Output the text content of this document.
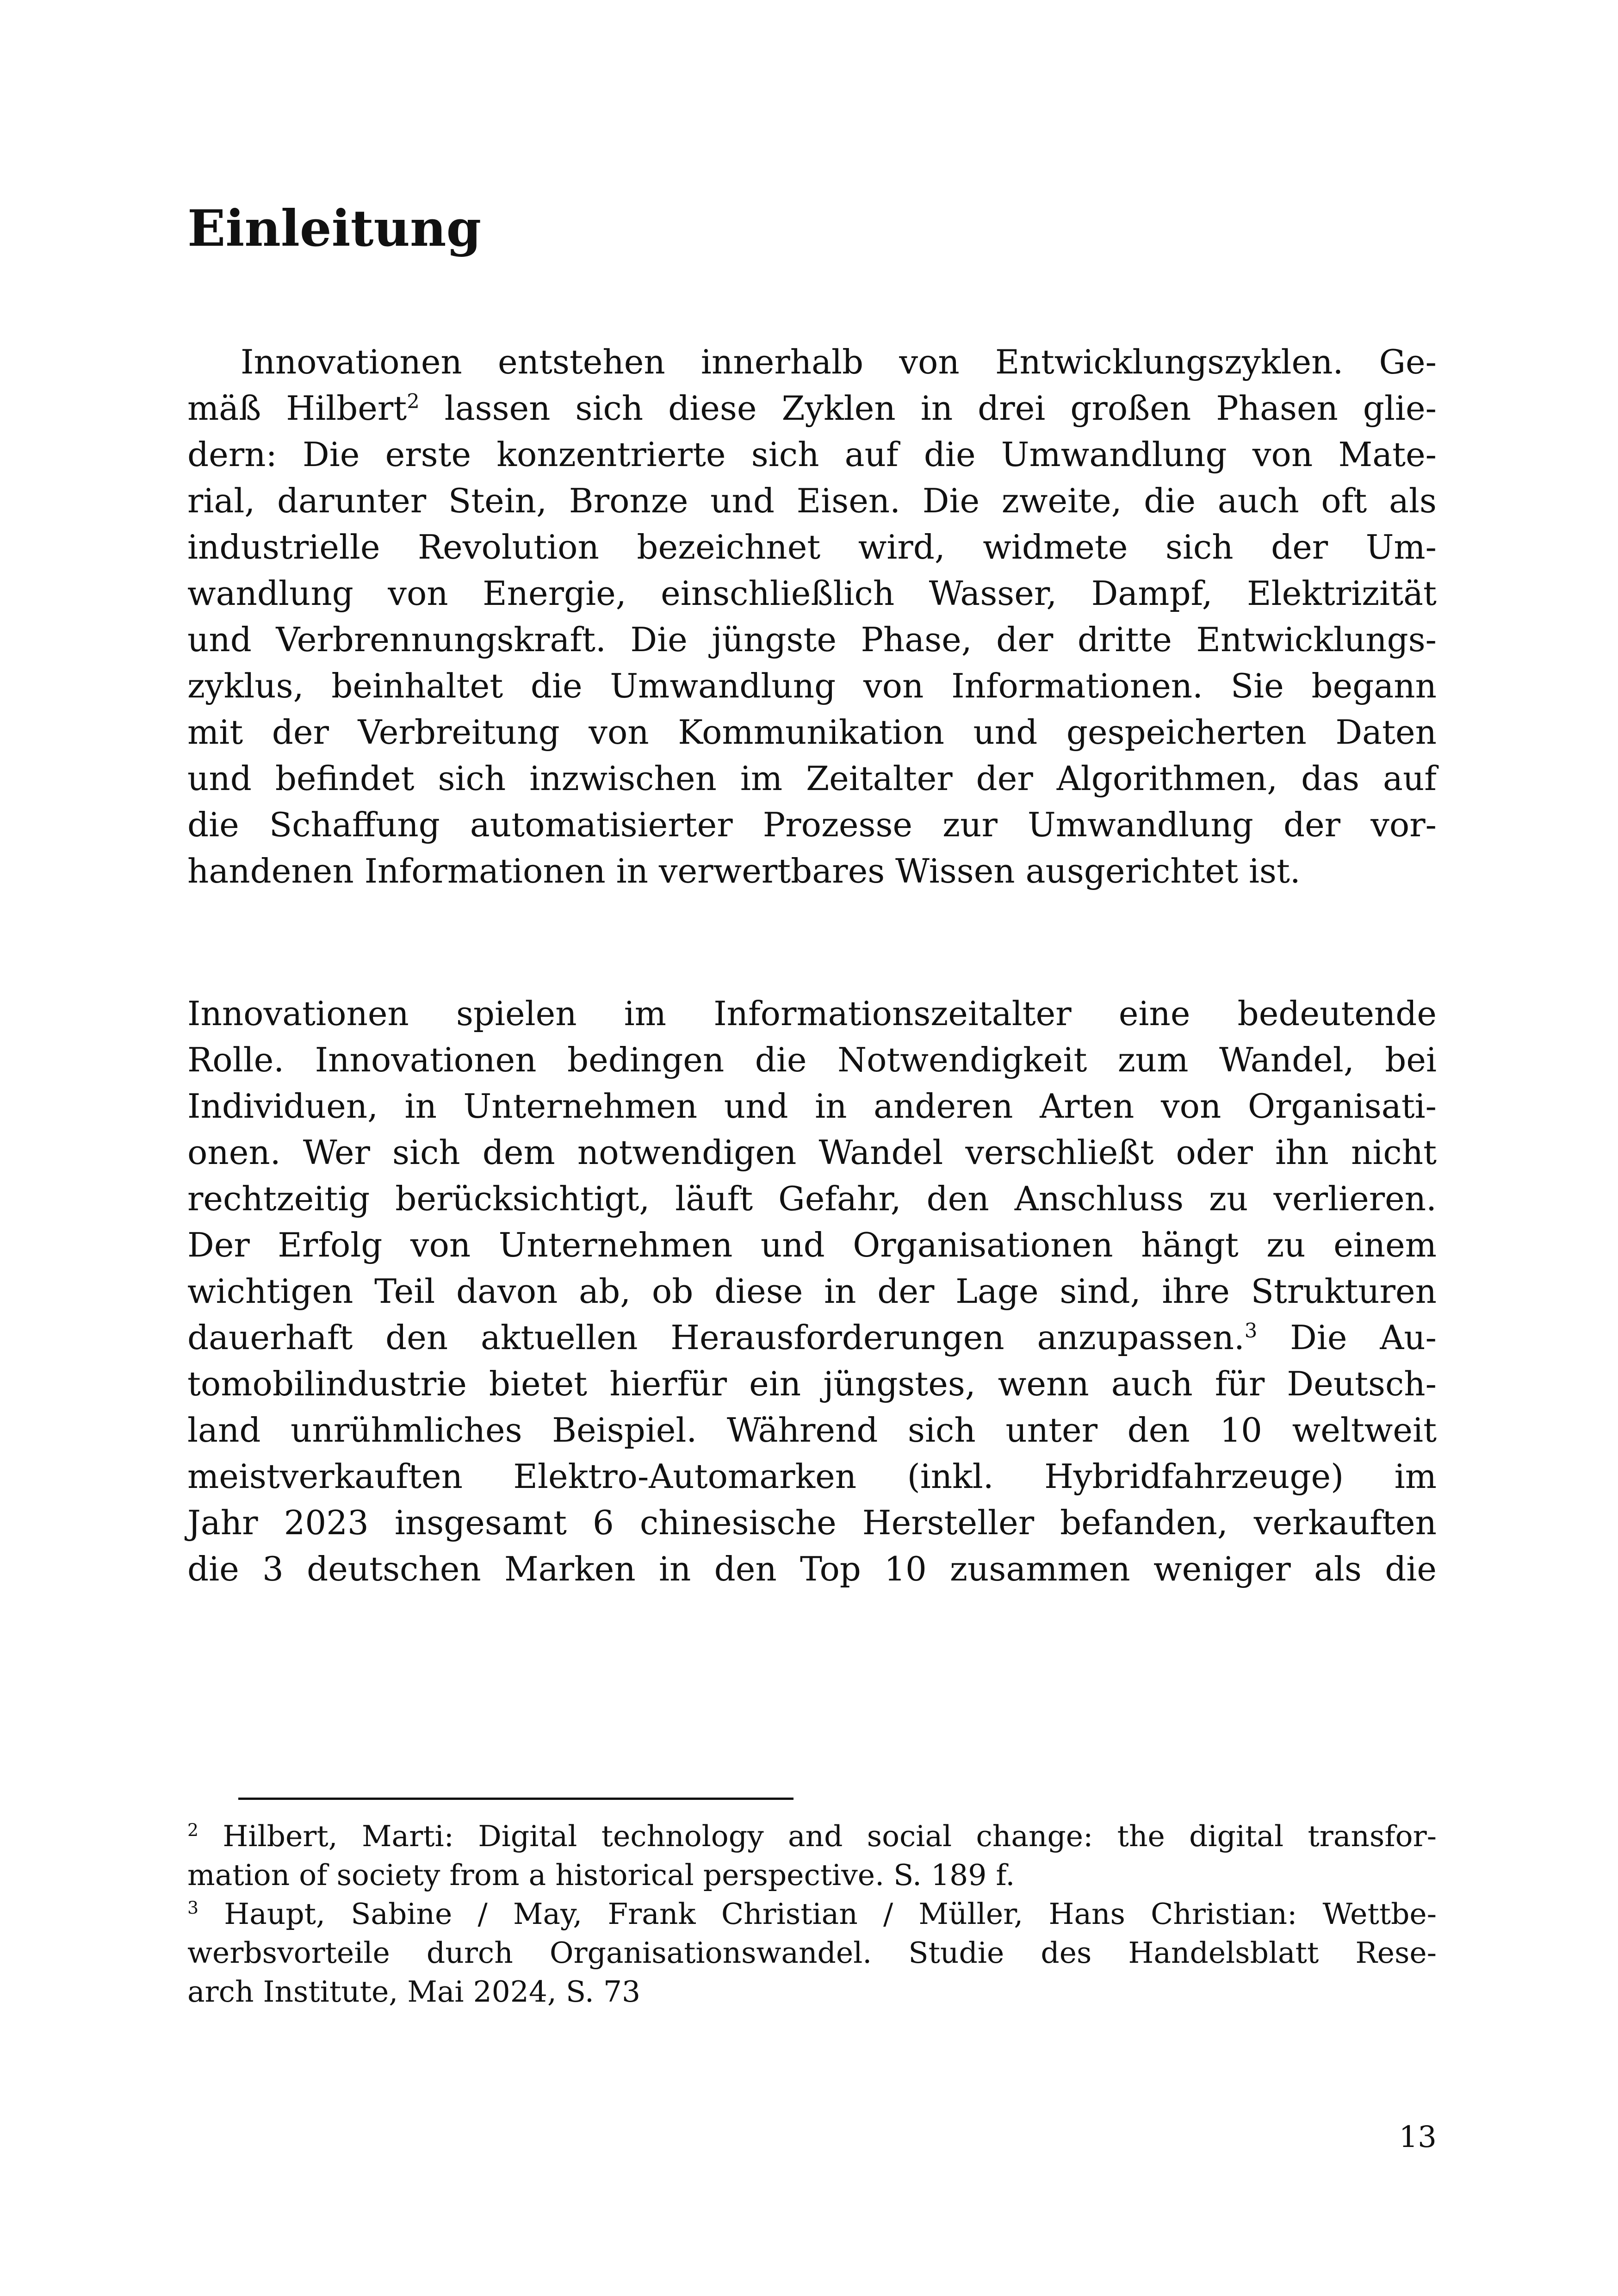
Einleitung
Innovationen entstehen innerhalb von Entwicklungszyklen. Ge-
mäß Hilbert$^2$ lassen sich diese Zyklen in drei großen Phasen glie-
dern: Die erste konzentrierte sich auf die Umwandlung von Mate-
rial, darunter Stein, Bronze und Eisen. Die zweite, die auch oft als
industrielle Revolution bezeichnet wird, widmete sich der Um-
wandlung von Energie, einschließlich Wasser, Dampf, Elektrizität
und Verbrennungskraft. Die jüngste Phase, der dritte Entwicklungs-
zyklus, beinhaltet die Umwandlung von Informationen. Sie begann
mit der Verbreitung von Kommunikation und gespeicherten Daten
und befindet sich inzwischen im Zeitalter der Algorithmen, das auf
die Schaffung automatisierter Prozesse zur Umwandlung der vor-
handenen Informationen in verwertbares Wissen ausgerichtet ist.
Innovationen spielen im Informationszeitalter eine bedeutende
Rolle. Innovationen bedingen die Notwendigkeit zum Wandel, bei
Individuen, in Unternehmen und in anderen Arten von Organisati-
onen. Wer sich dem notwendigen Wandel verschließt oder ihn nicht
rechtzeitig berücksichtigt, läuft Gefahr, den Anschluss zu verlieren.
Der Erfolg von Unternehmen und Organisationen hängt zu einem
wichtigen Teil davon ab, ob diese in der Lage sind, ihre Strukturen
dauerhaft den aktuellen Herausforderungen anzupassen.$^3$ Die Au-
tomobilindustrie bietet hierfür ein jüngstes, wenn auch für Deutsch-
land unrühmliches Beispiel. Während sich unter den 10 weltweit
meistverkauften Elektro-Automarken (inkl. Hybridfahrzeuge) im
Jahr 2023 insgesamt 6 chinesische Hersteller befanden, verkauften
die 3 deutschen Marken in den Top 10 zusammen weniger als die
$^2$ Hilbert, Marti: Digital technology and social change: the digital transfor-
mation of society from a historical perspective. S. 189 f.
$^3$ Haupt, Sabine / May, Frank Christian / Müller, Hans Christian: Wettbe-
werbsvorteile durch Organisationswandel. Studie des Handelsblatt Rese-
arch Institute, Mai 2024, S. 73

13
